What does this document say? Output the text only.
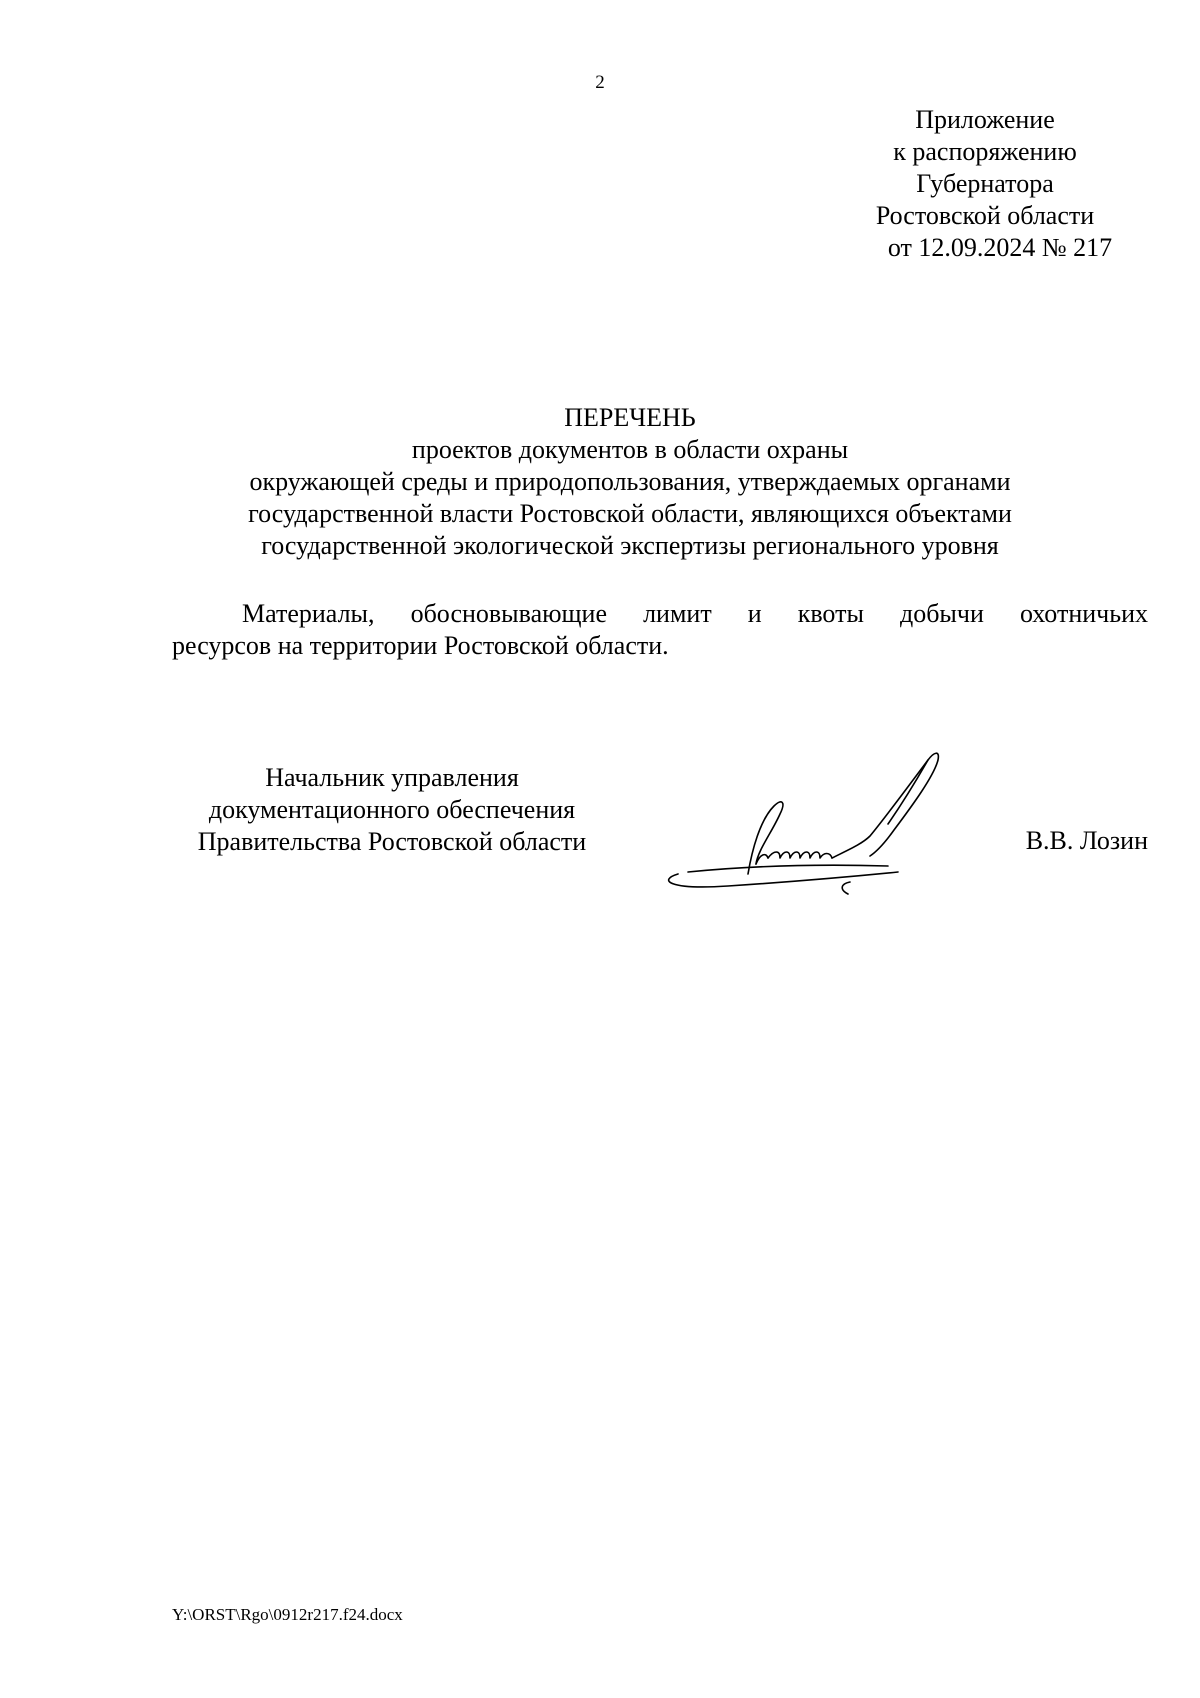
2
Приложение
к распоряжению
Губернатора
Ростовской области
от 12.09.2024 № 217
ПЕРЕЧЕНЬ
проектов документов в области охраны
окружающей среды и природопользования, утверждаемых органами
государственной власти Ростовской области, являющихся объектами
государственной экологической экспертизы регионального уровня
Материалы, обосновывающие лимит и квоты добычи охотничьих
ресурсов на территории Ростовской области.
Начальник управления
документационного обеспечения
Правительства Ростовской области	В.В. Лозин
Y:\ORST\Rgo\0912r217.f24.docx
